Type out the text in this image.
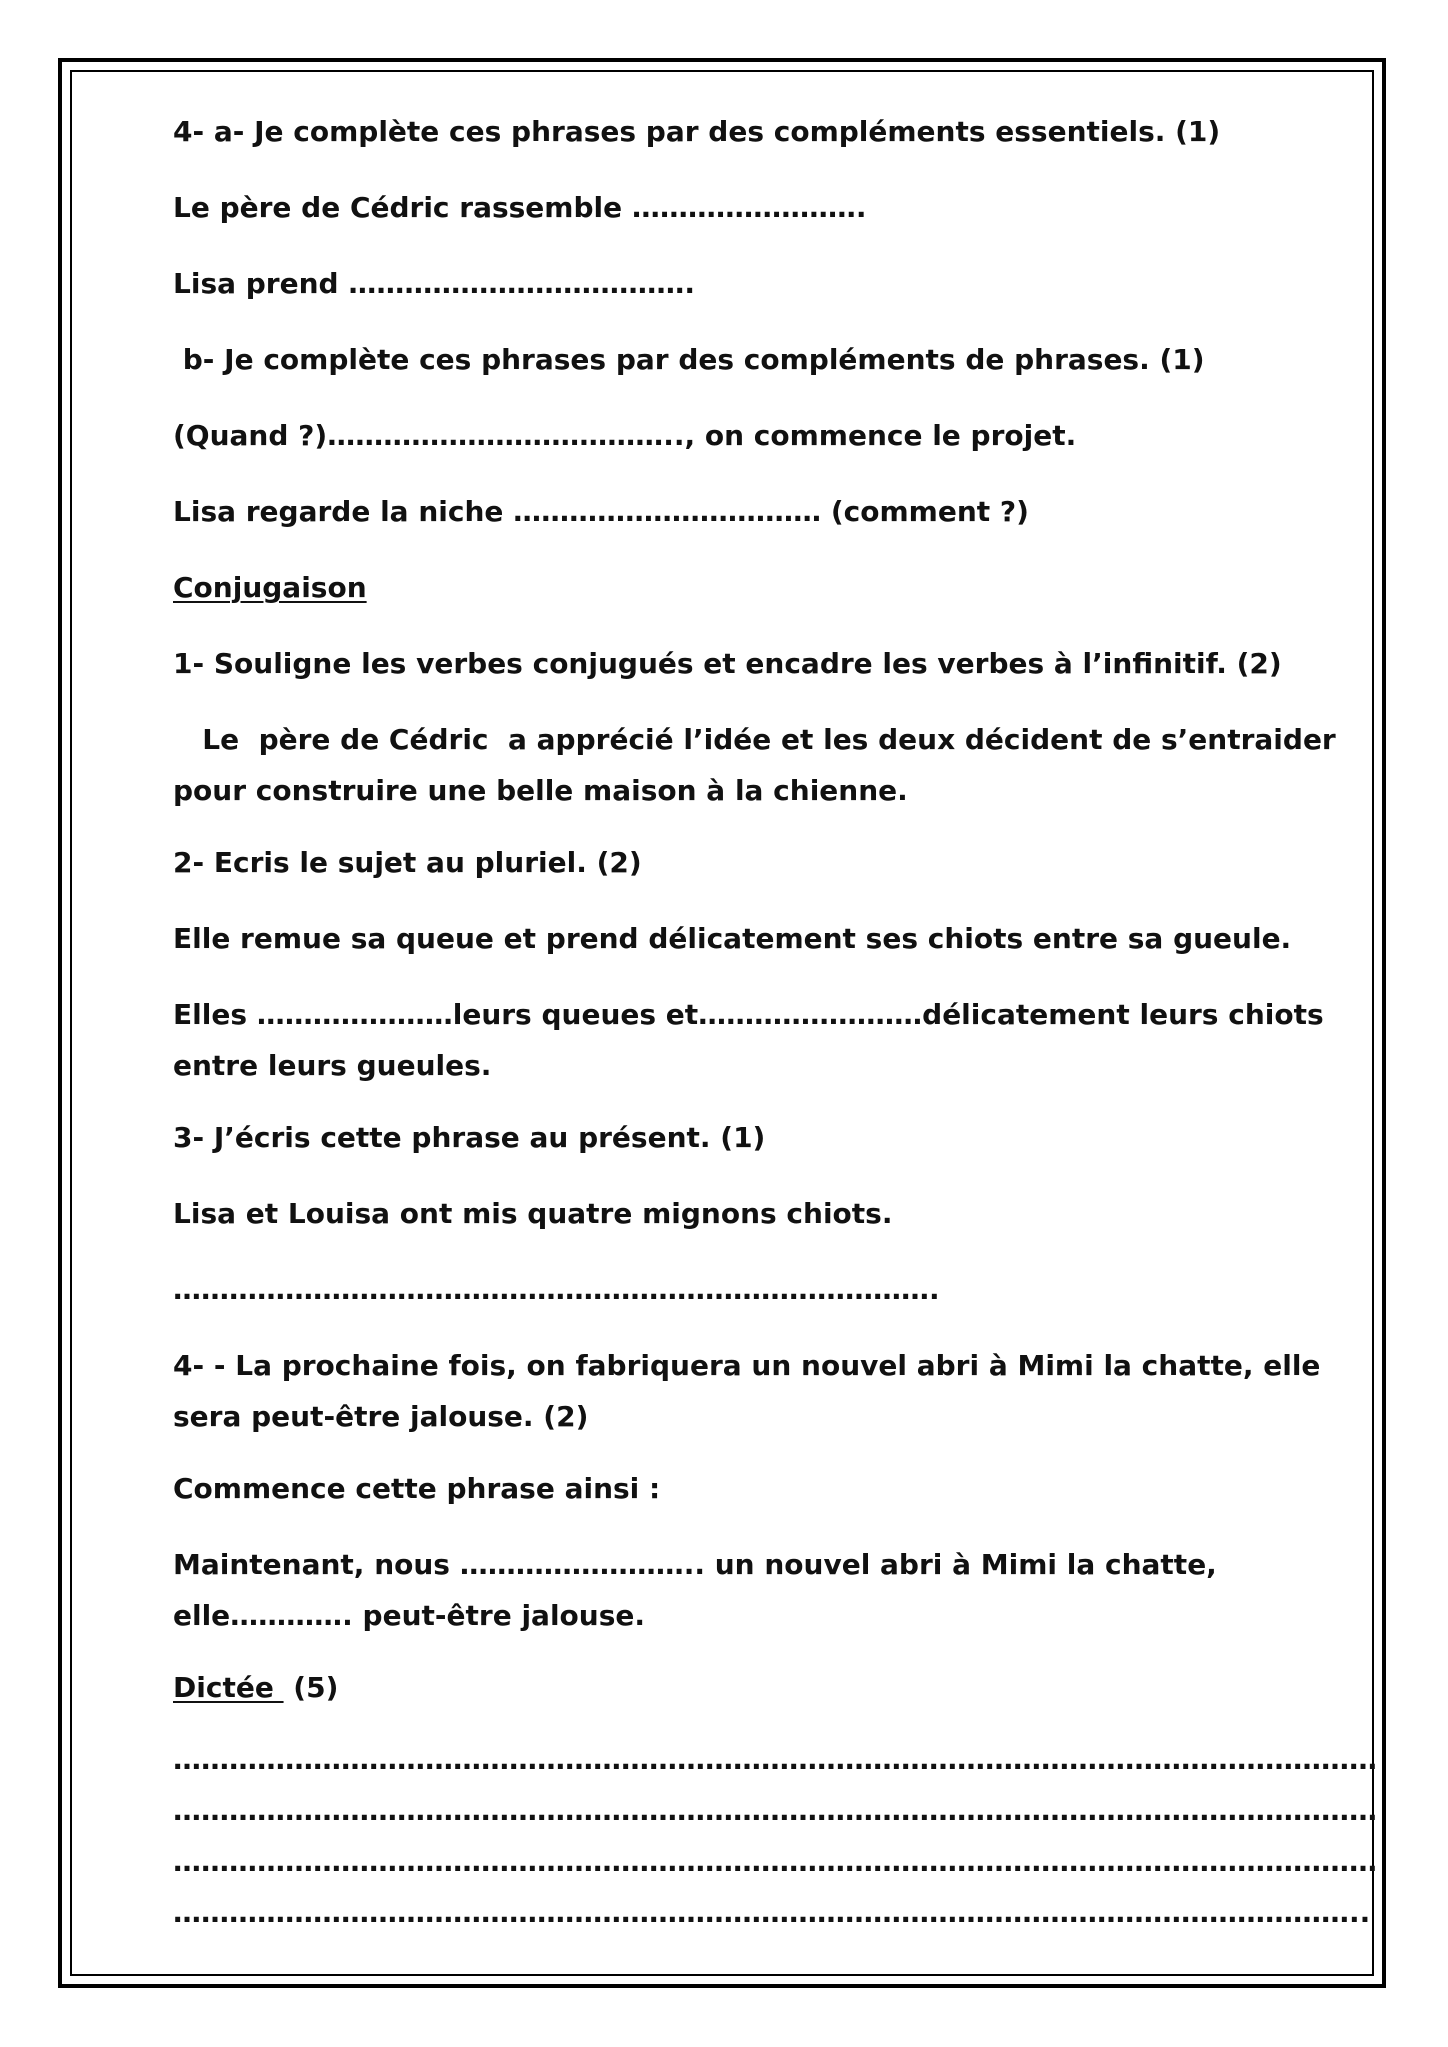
4- a- Je complète ces phrases par des compléments essentiels. (1)

Le père de Cédric rassemble …………………….

Lisa prend ……………………………….

b- Je complète ces phrases par des compléments de phrases. (1)

(Quand ?)……………………………….., on commence le projet.

Lisa regarde la niche …………………………… (comment ?)

Conjugaison

1- Souligne les verbes conjugués et encadre les verbes à l’infinitif. (2)

Le  père de Cédric  a apprécié l’idée et les deux décident de s’entraider

pour construire une belle maison à la chienne.

2- Ecris le sujet au pluriel. (2)

Elle remue sa queue et prend délicatement ses chiots entre sa gueule.

Elles …………………leurs queues et……………………délicatement leurs chiots

entre leurs gueules.

3- J’écris cette phrase au présent. (1)

Lisa et Louisa ont mis quatre mignons chiots.

……………………………………………………………………….

4- - La prochaine fois, on fabriquera un nouvel abri à Mimi la chatte, elle

sera peut-être jalouse. (2)

Commence cette phrase ainsi :

Maintenant, nous …………………….. un nouvel abri à Mimi la chatte,

elle…………. peut-être jalouse.

Dictée  (5)

…………………………………………………………………………………………………………………

…………………………………………………………………………………………………………………

…………………………………………………………………………………………………………………

………………………………………………………………………………………………………………..
